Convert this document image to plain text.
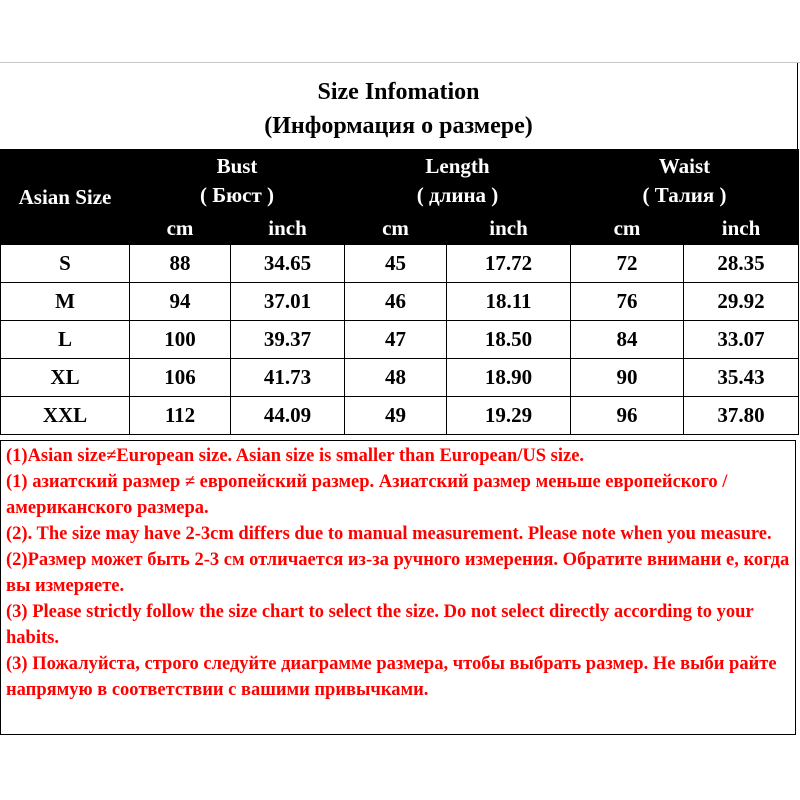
Size Infomation
(Информация о размере)
Asian Size	Bust
( Бюст )		Length
( длина )		Waist
( Талия )	
	cm	inch	cm	inch	cm	inch
S	88	34.65	45	17.72	72	28.35
M	94	37.01	46	18.11	76	29.92
L	100	39.37	47	18.50	84	33.07
XL	106	41.73	48	18.90	90	35.43
XXL	112	44.09	49	19.29	96	37.80

(1)Asian size≠European size. Asian size is smaller than European/US size.

(1) азиатский размер ≠ европейский размер. Азиатский размер меньше европейского / американского размера.

(2). The size may have 2-3cm differs due to manual measurement. Please note when you measure.

(2)Размер может быть 2-3 см отличается из-за ручного измерения. Обратите внимани е, когда вы измеряете.

(3) Please strictly follow the size chart to select the size. Do not select directly according to your habits.

(3) Пожалуйста, строго следуйте диаграмме размера, чтобы выбрать размер. Не выби райте напрямую в соответствии с вашими привычками.
